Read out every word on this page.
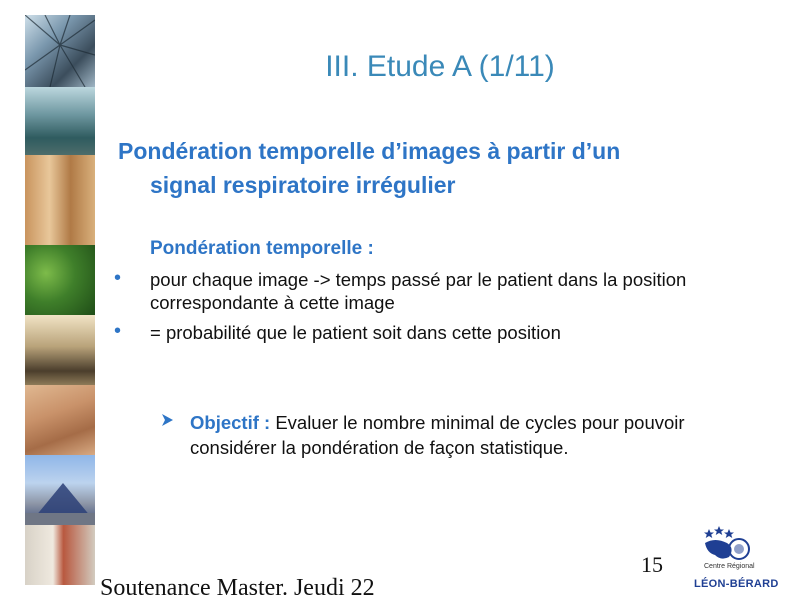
III. Etude A (1/11)
Pondération temporelle d’images à partir d’un
signal respiratoire irrégulier
Pondération temporelle :
• pour chaque image -> temps passé par le patient dans la position correspondante à cette image
• = probabilité que le patient soit dans cette position
Objectif : Evaluer le nombre minimal de cycles pour pouvoir considérer la pondération de façon statistique.
15
Soutenance Master. Jeudi 22
Centre Régional
LÉON-BÉRARD
